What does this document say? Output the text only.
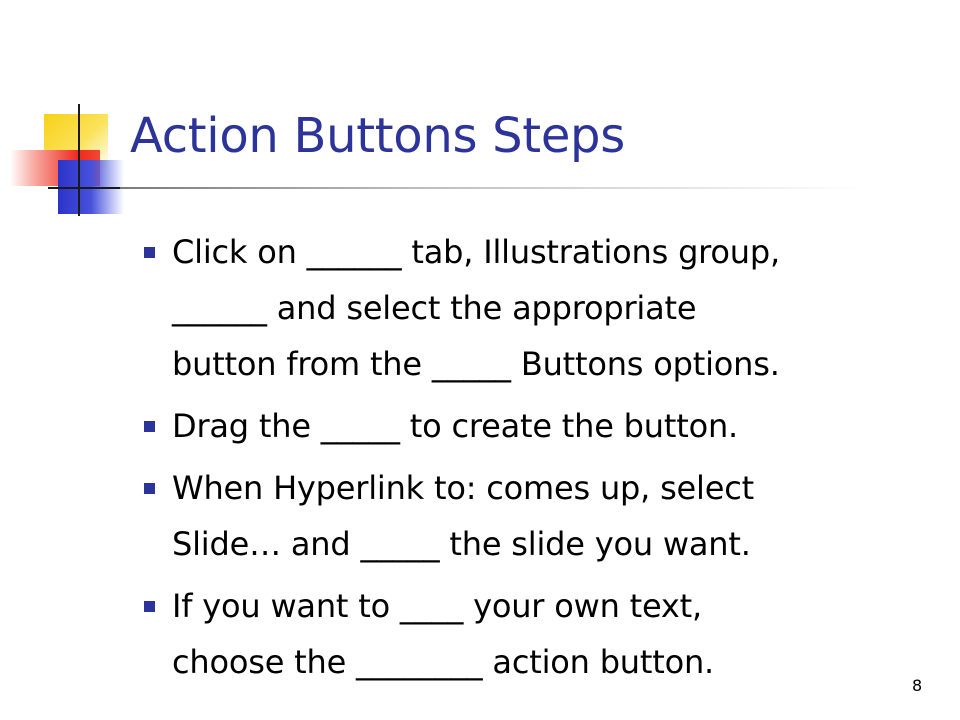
Action Buttons Steps
Click on ______ tab, Illustrations group,
______ and select the appropriate
button from the _____ Buttons options.
Drag the _____ to create the button.
When Hyperlink to: comes up, select
Slide… and _____ the slide you want.
If you want to ____ your own text,
choose the ________ action button.
8
